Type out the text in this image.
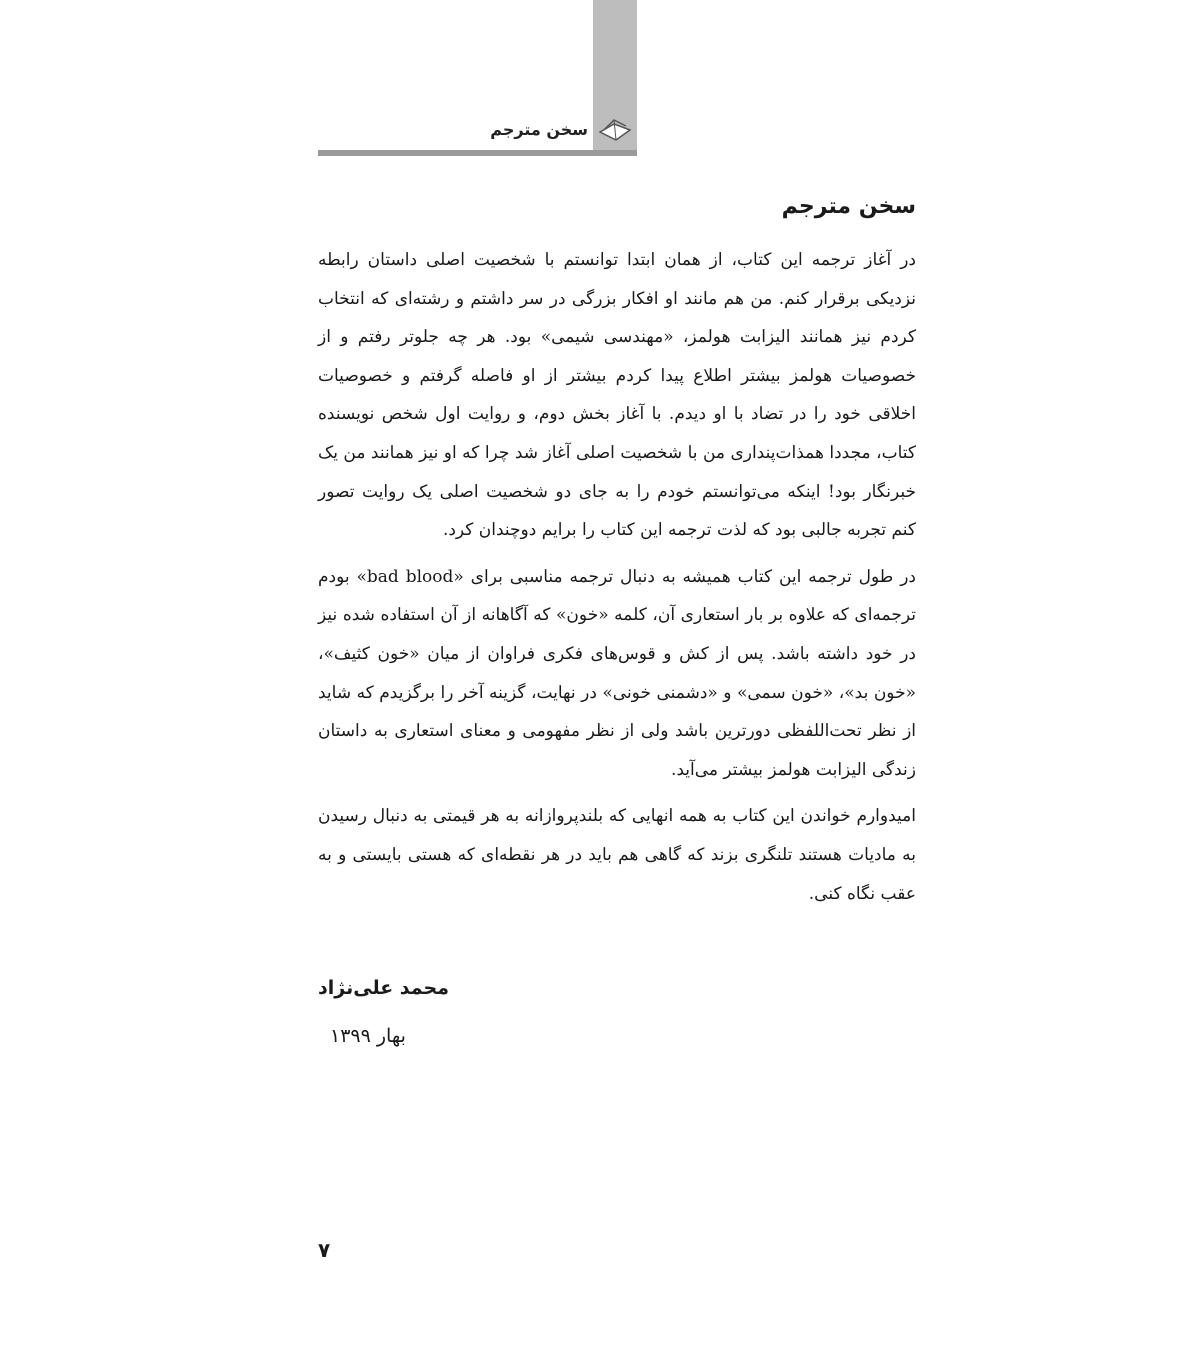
سخن مترجم
سخن مترجم

در آغاز ترجمه این کتاب، از همان ابتدا توانستم با شخصیت اصلی داستان رابطه نزدیکی برقرار کنم. من هم مانند او افکار بزرگی در سر داشتم و رشته‌ای که انتخاب کردم نیز همانند الیزابت هولمز، «مهندسی شیمی» بود. هر چه جلوتر رفتم و از خصوصیات هولمز بیشتر اطلاع پیدا کردم بیشتر از او فاصله گرفتم و خصوصیات اخلاقی خود را در تضاد با او دیدم. با آغاز بخش دوم، و روایت اول شخص نویسنده کتاب، مجددا همذات‌پنداری من با شخصیت اصلی آغاز شد چرا که او نیز همانند من یک خبرنگار بود! اینکه می‌توانستم خودم را به جای دو شخصیت اصلی یک روایت تصور کنم تجربه جالبی بود که لذت ترجمه این کتاب را برایم دوچندان کرد.

در طول ترجمه این کتاب همیشه به دنبال ترجمه مناسبی برای «bad blood» بودم ترجمه‌ای که علاوه بر بار استعاری آن، کلمه «خون» که آگاهانه از آن استفاده شده نیز در خود داشته باشد. پس از کش و قوس‌های فکری فراوان از میان «خون کثیف»، «خون بد»، «خون سمی» و «دشمنی خونی» در نهایت، گزینه آخر را برگزیدم که شاید از نظر تحت‌اللفظی دورترین باشد ولی از نظر مفهومی و معنای استعاری به داستان زندگی الیزابت هولمز بیشتر می‌آید.

امیدوارم خواندن این کتاب به همه انهایی که بلندپروازانه به هر قیمتی به دنبال رسیدن به مادیات هستند تلنگری بزند که گاهی هم باید در هر نقطه‌ای که هستی بایستی و به عقب نگاه کنی.

محمد علی‌نژاد
بهار ۱۳۹۹
۷
